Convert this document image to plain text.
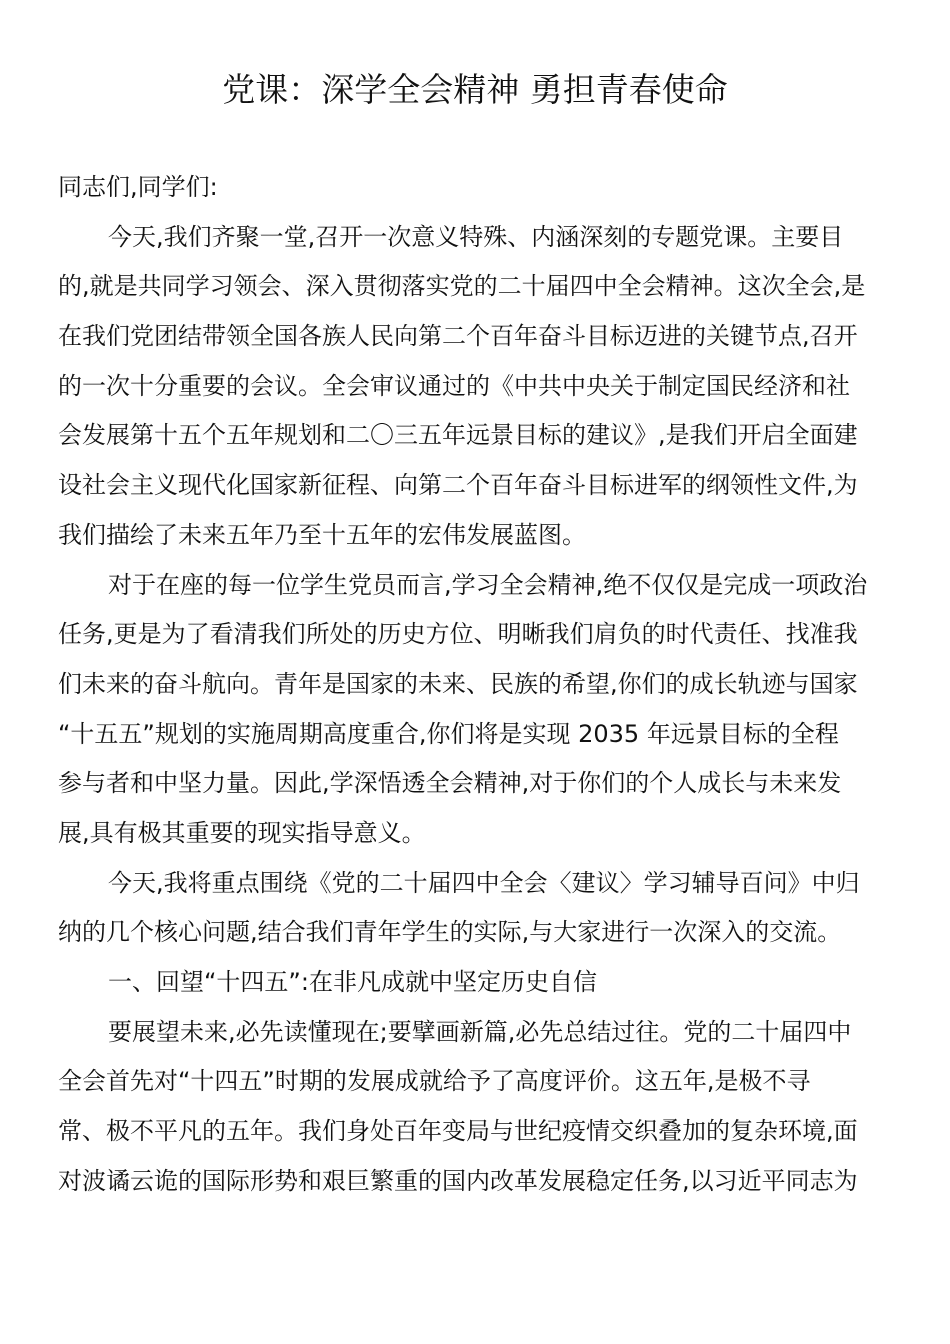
党课：深学全会精神 勇担青春使命
同志们,同学们:
今天,我们齐聚一堂,召开一次意义特殊、内涵深刻的专题党课。主要目
的,就是共同学习领会、深入贯彻落实党的二十届四中全会精神。这次全会,是
在我们党团结带领全国各族人民向第二个百年奋斗目标迈进的关键节点,召开
的一次十分重要的会议。全会审议通过的《中共中央关于制定国民经济和社
会发展第十五个五年规划和二〇三五年远景目标的建议》,是我们开启全面建
设社会主义现代化国家新征程、向第二个百年奋斗目标进军的纲领性文件,为
我们描绘了未来五年乃至十五年的宏伟发展蓝图。
对于在座的每一位学生党员而言,学习全会精神,绝不仅仅是完成一项政治
任务,更是为了看清我们所处的历史方位、明晰我们肩负的时代责任、找准我
们未来的奋斗航向。青年是国家的未来、民族的希望,你们的成长轨迹与国家
“十五五”规划的实施周期高度重合,你们将是实现 2035 年远景目标的全程
参与者和中坚力量。因此,学深悟透全会精神,对于你们的个人成长与未来发
展,具有极其重要的现实指导意义。
今天,我将重点围绕《党的二十届四中全会〈建议〉学习辅导百问》中归
纳的几个核心问题,结合我们青年学生的实际,与大家进行一次深入的交流。
一、回望“十四五”:在非凡成就中坚定历史自信
要展望未来,必先读懂现在;要擘画新篇,必先总结过往。党的二十届四中
全会首先对“十四五”时期的发展成就给予了高度评价。这五年,是极不寻
常、极不平凡的五年。我们身处百年变局与世纪疫情交织叠加的复杂环境,面
对波谲云诡的国际形势和艰巨繁重的国内改革发展稳定任务,以习近平同志为
